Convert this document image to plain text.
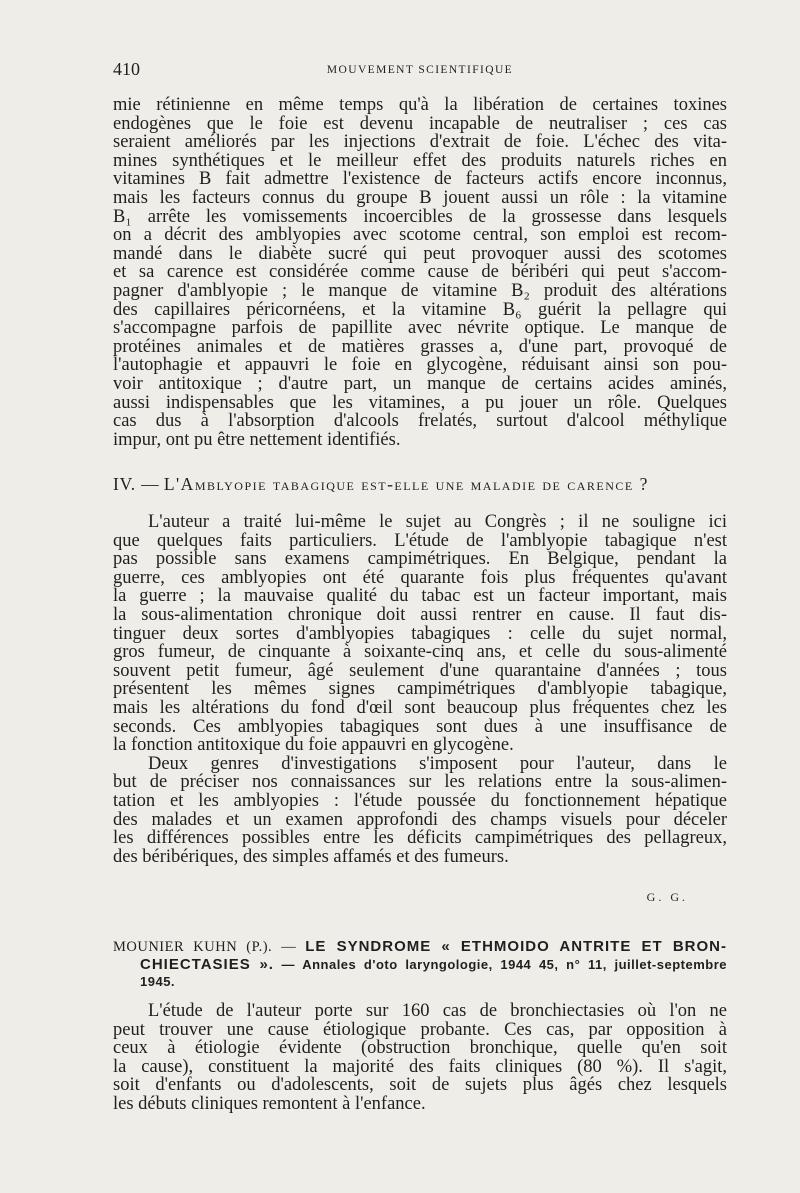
410	MOUVEMENT SCIENTIFIQUE
mie rétinienne en même temps qu'à la libération de certaines toxines
endogènes que le foie est devenu incapable de neutraliser ; ces cas
seraient améliorés par les injections d'extrait de foie. L'échec des vita-
mines synthétiques et le meilleur effet des produits naturels riches en
vitamines B fait admettre l'existence de facteurs actifs encore inconnus,
mais les facteurs connus du groupe B jouent aussi un rôle : la vitamine
B₁ arrête les vomissements incoercibles de la grossesse dans lesquels
on a décrit des amblyopies avec scotome central, son emploi est recom-
mandé dans le diabète sucré qui peut provoquer aussi des scotomes
et sa carence est considérée comme cause de béribéri qui peut s'accom-
pagner d'amblyopie ; le manque de vitamine B₂ produit des altérations
des capillaires péricornéens, et la vitamine B₆ guérit la pellagre qui
s'accompagne parfois de papillite avec névrite optique. Le manque de
protéines animales et de matières grasses a, d'une part, provoqué de
l'autophagie et appauvri le foie en glycogène, réduisant ainsi son pou-
voir antitoxique ; d'autre part, un manque de certains acides aminés,
aussi indispensables que les vitamines, a pu jouer un rôle. Quelques
cas dus à l'absorption d'alcools frelatés, surtout d'alcool méthylique
impur, ont pu être nettement identifiés.
IV. — L'Amblyopie tabagique est-elle une maladie de carence ?
L'auteur a traité lui-même le sujet au Congrès ; il ne souligne ici
que quelques faits particuliers. L'étude de l'amblyopie tabagique n'est
pas possible sans examens campimétriques. En Belgique, pendant la
guerre, ces amblyopies ont été quarante fois plus fréquentes qu'avant
la guerre ; la mauvaise qualité du tabac est un facteur important, mais
la sous-alimentation chronique doit aussi rentrer en cause. Il faut dis-
tinguer deux sortes d'amblyopies tabagiques : celle du sujet normal,
gros fumeur, de cinquante à soixante-cinq ans, et celle du sous-alimenté
souvent petit fumeur, âgé seulement d'une quarantaine d'années ; tous
présentent les mêmes signes campimétriques d'amblyopie tabagique,
mais les altérations du fond d'œil sont beaucoup plus fréquentes chez les
seconds. Ces amblyopies tabagiques sont dues à une insuffisance de
la fonction antitoxique du foie appauvri en glycogène.
Deux genres d'investigations s'imposent pour l'auteur, dans le
but de préciser nos connaissances sur les relations entre la sous-alimen-
tation et les amblyopies : l'étude poussée du fonctionnement hépatique
des malades et un examen approfondi des champs visuels pour déceler
les différences possibles entre les déficits campimétriques des pellagreux,
des béribériques, des simples affamés et des fumeurs.
G. G.
MOUNIER KUHN (P.). — LE SYNDROME « ETHMOIDO ANTRITE ET BRON-
CHIECTASIES ». — Annales d'oto laryngologie, 1944 45, n° 11, juillet-septembre
1945.
L'étude de l'auteur porte sur 160 cas de bronchiectasies où l'on ne
peut trouver une cause étiologique probante. Ces cas, par opposition à
ceux à étiologie évidente (obstruction bronchique, quelle qu'en soit
la cause), constituent la majorité des faits cliniques (80 %). Il s'agit,
soit d'enfants ou d'adolescents, soit de sujets plus âgés chez lesquels
les débuts cliniques remontent à l'enfance.
